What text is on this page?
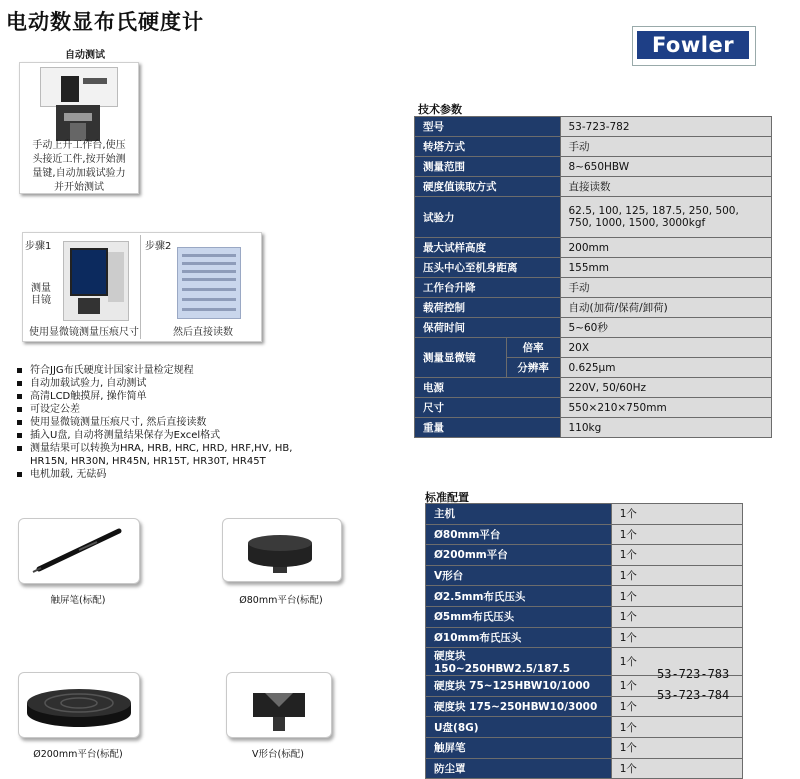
电动数显布氏硬度计
Fowler
自动测试
手动上升工作台,使压
头接近工件,按开始测
量键,自动加载试验力
并开始测试
步骤1	步骤2
测量
目镜
使用显微镜测量压痕尺寸	然后直接读数
符合JJG布氏硬度计国家计量检定规程
自动加载试验力, 自动测试
高清LCD触摸屏, 操作简单
可设定公差
使用显微镜测量压痕尺寸, 然后直接读数
插入U盘, 自动将测量结果保存为Excel格式
测量结果可以转换为HRA, HRB, HRC, HRD, HRF,HV, HB,
HR15N, HR30N, HR45N, HR15T, HR30T, HR45T
电机加载, 无砝码
触屏笔(标配)	Ø80mm平台(标配)
Ø200mm平台(标配)	V形台(标配)
技术参数
型号		53-723-782
转塔方式		手动
测量范围		8~650HBW
硬度值读取方式		直接读数
试验力		62.5, 100, 125, 187.5, 250, 500,
750, 1000, 1500, 3000kgf

最大试样高度		200mm
压头中心至机身距离		155mm
工作台升降		手动
载荷控制		自动(加荷/保荷/卸荷)
保荷时间		5~60秒
测量显微镜	倍率	20X
	分辨率	0.625μm
电源		220V, 50/60Hz
尺寸		550×210×750mm
重量		110kg
标准配置
主机	1个
Ø80mm平台	1个
Ø200mm平台	1个
V形台	1个
Ø2.5mm布氏压头	1个
Ø5mm布氏压头	1个
Ø10mm布氏压头	1个
硬度块 150~250HBW2.5/187.5	1个
硬度块 75~125HBW10/1000	1个
硬度块 175~250HBW10/3000	1个
U盘(8G)	1个
触屏笔	1个
防尘罩	1个
53-723-783
53-723-784
